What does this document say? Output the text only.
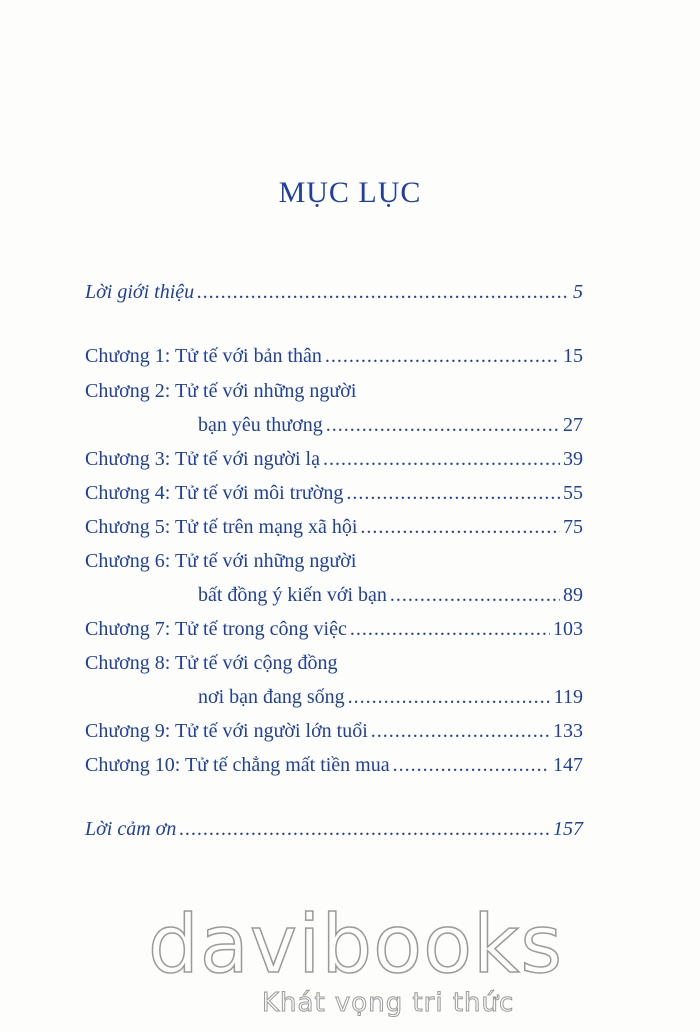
MỤC LỤC
Lời giới thiệu .....	5
Chương 1: Tử tế với bản thân .....	15
Chương 2: Tử tế với những người
bạn yêu thương .....	27
Chương 3: Tử tế với người lạ .....	39
Chương 4: Tử tế với môi trường .....	55
Chương 5: Tử tế trên mạng xã hội .....	75
Chương 6: Tử tế với những người
bất đồng ý kiến với bạn .....	89
Chương 7: Tử tế trong công việc .....	103
Chương 8: Tử tế với cộng đồng
nơi bạn đang sống .....	119
Chương 9: Tử tế với người lớn tuổi .....	133
Chương 10: Tử tế chẳng mất tiền mua .....	147
Lời cảm ơn .....	157
davibooks
Khát vọng tri thức
